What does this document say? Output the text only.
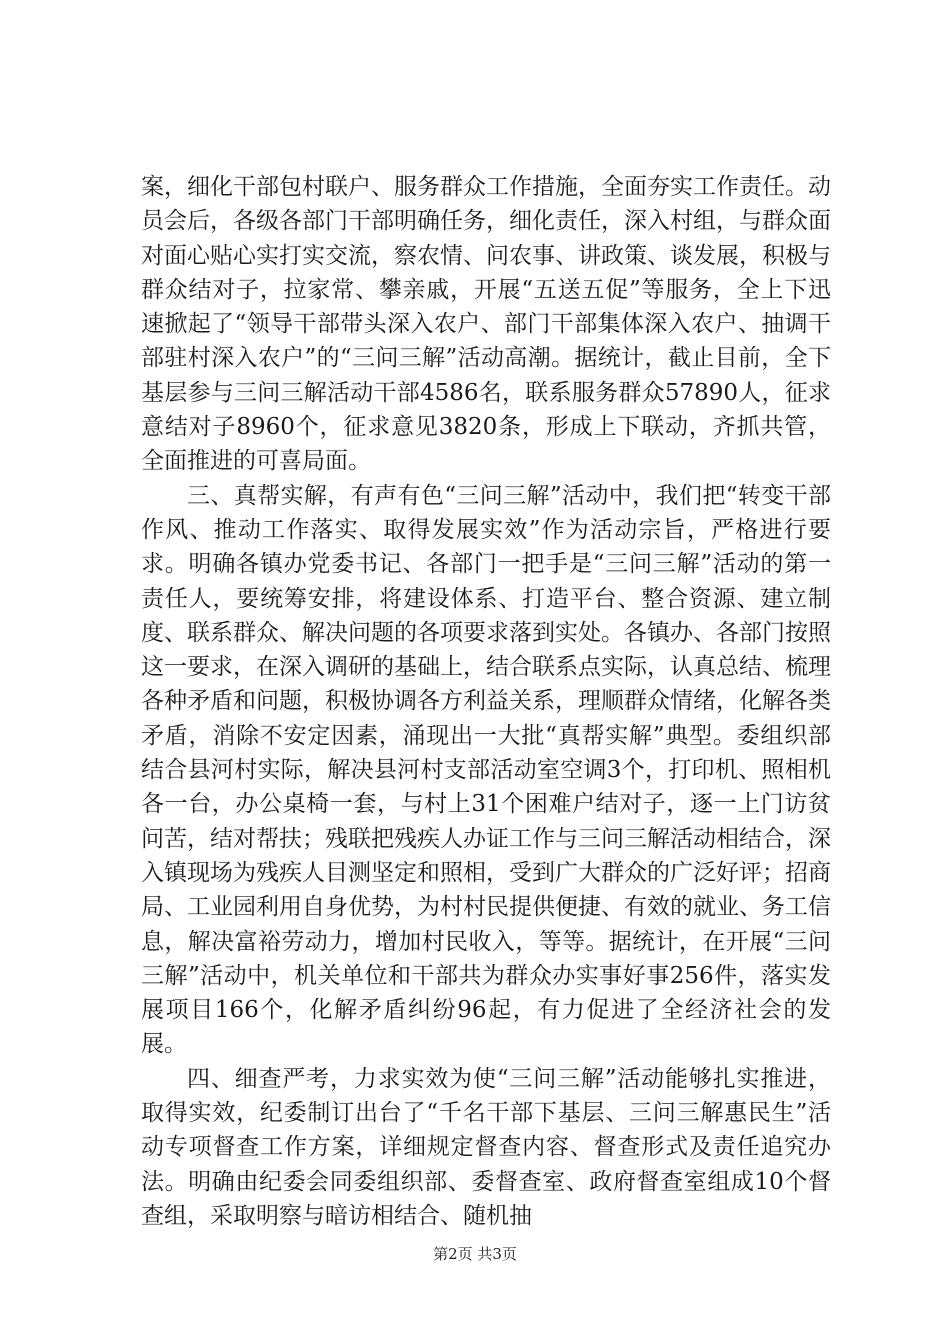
案，细化干部包村联户、服务群众工作措施，全面夯实工作责任。动员会后，各级各部门干部明确任务，细化责任，深入村组，与群众面对面心贴心实打实交流，察农情、问农事、讲政策、谈发展，积极与群众结对子，拉家常、攀亲戚，开展“五送五促”等服务，全上下迅速掀起了“领导干部带头深入农户、部门干部集体深入农户、抽调干部驻村深入农户”的“三问三解”活动高潮。据统计，截止目前，全下基层参与三问三解活动干部4586名，联系服务群众57890人，征求意结对子8960个，征求意见3820条，形成上下联动，齐抓共管，全面推进的可喜局面。

三、真帮实解，有声有色“三问三解”活动中，我们把“转变干部作风、推动工作落实、取得发展实效”作为活动宗旨，严格进行要求。明确各镇办党委书记、各部门一把手是“三问三解”活动的第一责任人，要统筹安排，将建设体系、打造平台、整合资源、建立制度、联系群众、解决问题的各项要求落到实处。各镇办、各部门按照这一要求，在深入调研的基础上，结合联系点实际，认真总结、梳理各种矛盾和问题，积极协调各方利益关系，理顺群众情绪，化解各类矛盾，消除不安定因素，涌现出一大批“真帮实解”典型。委组织部结合县河村实际，解决县河村支部活动室空调3个，打印机、照相机各一台，办公桌椅一套，与村上31个困难户结对子，逐一上门访贫问苦，结对帮扶；残联把残疾人办证工作与三问三解活动相结合，深入镇现场为残疾人目测坚定和照相，受到广大群众的广泛好评；招商局、工业园利用自身优势，为村村民提供便捷、有效的就业、务工信息，解决富裕劳动力，增加村民收入，等等。据统计，在开展“三问三解”活动中，机关单位和干部共为群众办实事好事256件，落实发展项目166个，化解矛盾纠纷96起，有力促进了全经济社会的发展。

四、细查严考，力求实效为使“三问三解”活动能够扎实推进，取得实效，纪委制订出台了“千名干部下基层、三问三解惠民生”活动专项督查工作方案，详细规定督查内容、督查形式及责任追究办法。明确由纪委会同委组织部、委督查室、政府督查室组成10个督查组，采取明察与暗访相结合、随机抽

第2页 共3页
